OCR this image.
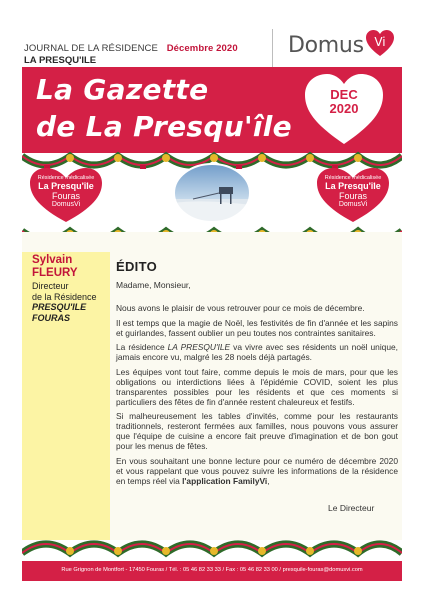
JOURNAL DE LA RÉSIDENCE Décembre 2020
LA PRESQU'ILE
Domus Vi
La Gazette
de La Presqu'île
DEC
2020
Résidence médicalisée
La Presqu'île
Fouras
DomusVi
Résidence médicalisée
La Presqu'île
Fouras
DomusVi
Sylvain
FLEURY
Directeur
de la Résidence
PRESQU'ILE
FOURAS
ÉDITO
Madame, Monsieur,

Nous avons le plaisir de vous retrouver pour ce mois de décembre.

Il est temps que la magie de Noël, les festivités de fin d'année et les sapins et guirlandes, fassent oublier un peu toutes nos contraintes sanitaires.

La résidence LA PRESQU'ILE va vivre avec ses résidents un noël unique, jamais encore vu, malgré les 28 noels déjà partagés.

Les équipes vont tout faire, comme depuis le mois de mars, pour que les obligations ou interdictions liées à l'épidémie COVID, soient les plus transparentes possibles pour les résidents et que ces moments si particuliers des fêtes de fin d'année restent chaleureux et festifs.

Si malheureusement les tables d'invités, comme pour les restaurants traditionnels, resteront fermées aux familles, nous pouvons vous assurer que l'équipe de cuisine a encore fait preuve d'imagination et de bon gout pour les menus de fêtes.

En vous souhaitant une bonne lecture pour ce numéro de décembre 2020 et vous rappelant que vous pouvez suivre les informations de la résidence en temps réel via l'application FamilyVi,

Le Directeur
Rue Grignon de Montfort - 17450 Fouras / Tél. : 05 46 82 33 33 / Fax : 05 46 82 33 00 / presquile-fouras@domusvi.com
